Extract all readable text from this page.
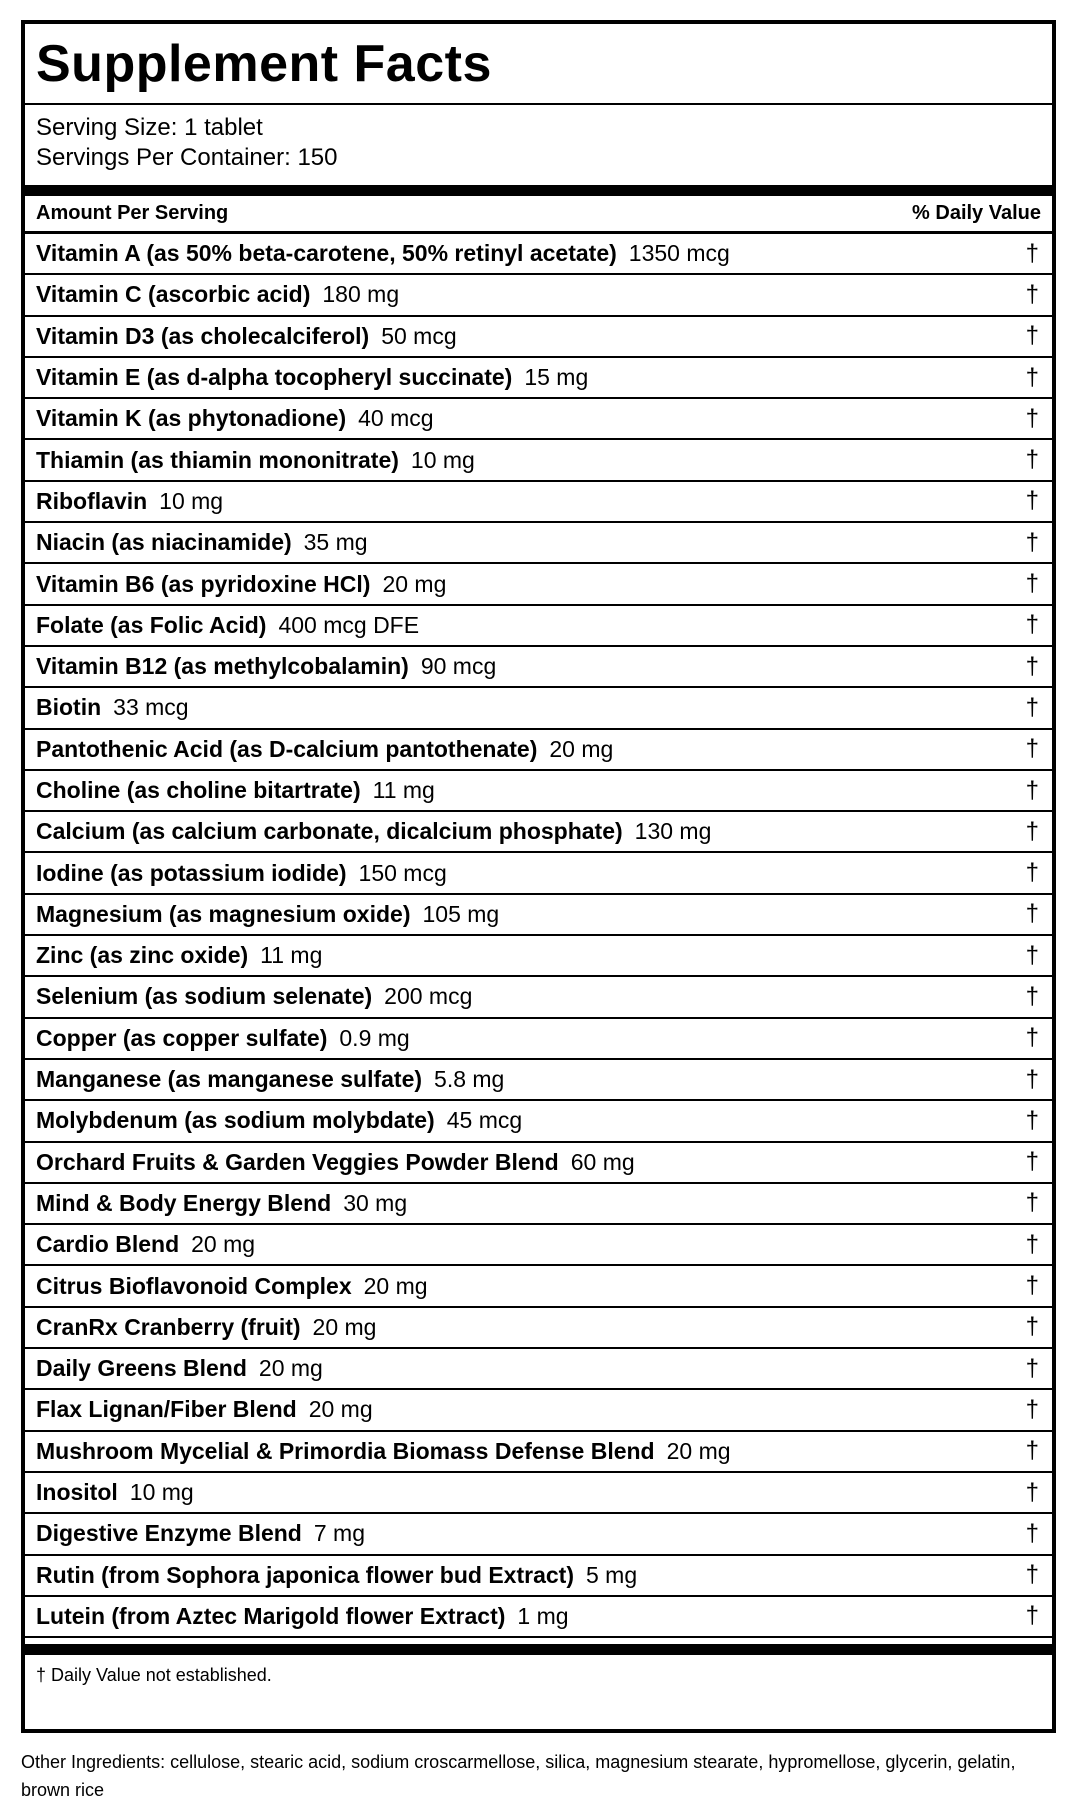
Supplement Facts
Serving Size: 1 tablet
Servings Per Container: 150
Amount Per Serving	% Daily Value
Vitamin A (as 50% beta-carotene, 50% retinyl acetate) 1350 mcg	†
Vitamin C (ascorbic acid) 180 mg	†
Vitamin D3 (as cholecalciferol) 50 mcg	†
Vitamin E (as d-alpha tocopheryl succinate) 15 mg	†
Vitamin K (as phytonadione) 40 mcg	†
Thiamin (as thiamin mononitrate) 10 mg	†
Riboflavin 10 mg	†
Niacin (as niacinamide) 35 mg	†
Vitamin B6 (as pyridoxine HCl) 20 mg	†
Folate (as Folic Acid) 400 mcg DFE	†
Vitamin B12 (as methylcobalamin) 90 mcg	†
Biotin 33 mcg	†
Pantothenic Acid (as D-calcium pantothenate) 20 mg	†
Choline (as choline bitartrate) 11 mg	†
Calcium (as calcium carbonate, dicalcium phosphate) 130 mg	†
Iodine (as potassium iodide) 150 mcg	†
Magnesium (as magnesium oxide) 105 mg	†
Zinc (as zinc oxide) 11 mg	†
Selenium (as sodium selenate) 200 mcg	†
Copper (as copper sulfate) 0.9 mg	†
Manganese (as manganese sulfate) 5.8 mg	†
Molybdenum (as sodium molybdate) 45 mcg	†
Orchard Fruits & Garden Veggies Powder Blend 60 mg	†
Mind & Body Energy Blend 30 mg	†
Cardio Blend 20 mg	†
Citrus Bioflavonoid Complex 20 mg	†
CranRx Cranberry (fruit) 20 mg	†
Daily Greens Blend 20 mg	†
Flax Lignan/Fiber Blend 20 mg	†
Mushroom Mycelial & Primordia Biomass Defense Blend 20 mg	†
Inositol 10 mg	†
Digestive Enzyme Blend 7 mg	†
Rutin (from Sophora japonica flower bud Extract) 5 mg	†
Lutein (from Aztec Marigold flower Extract) 1 mg	†
† Daily Value not established.
Other Ingredients: cellulose, stearic acid, sodium croscarmellose, silica, magnesium stearate, hypromellose, glycerin, gelatin, brown rice
